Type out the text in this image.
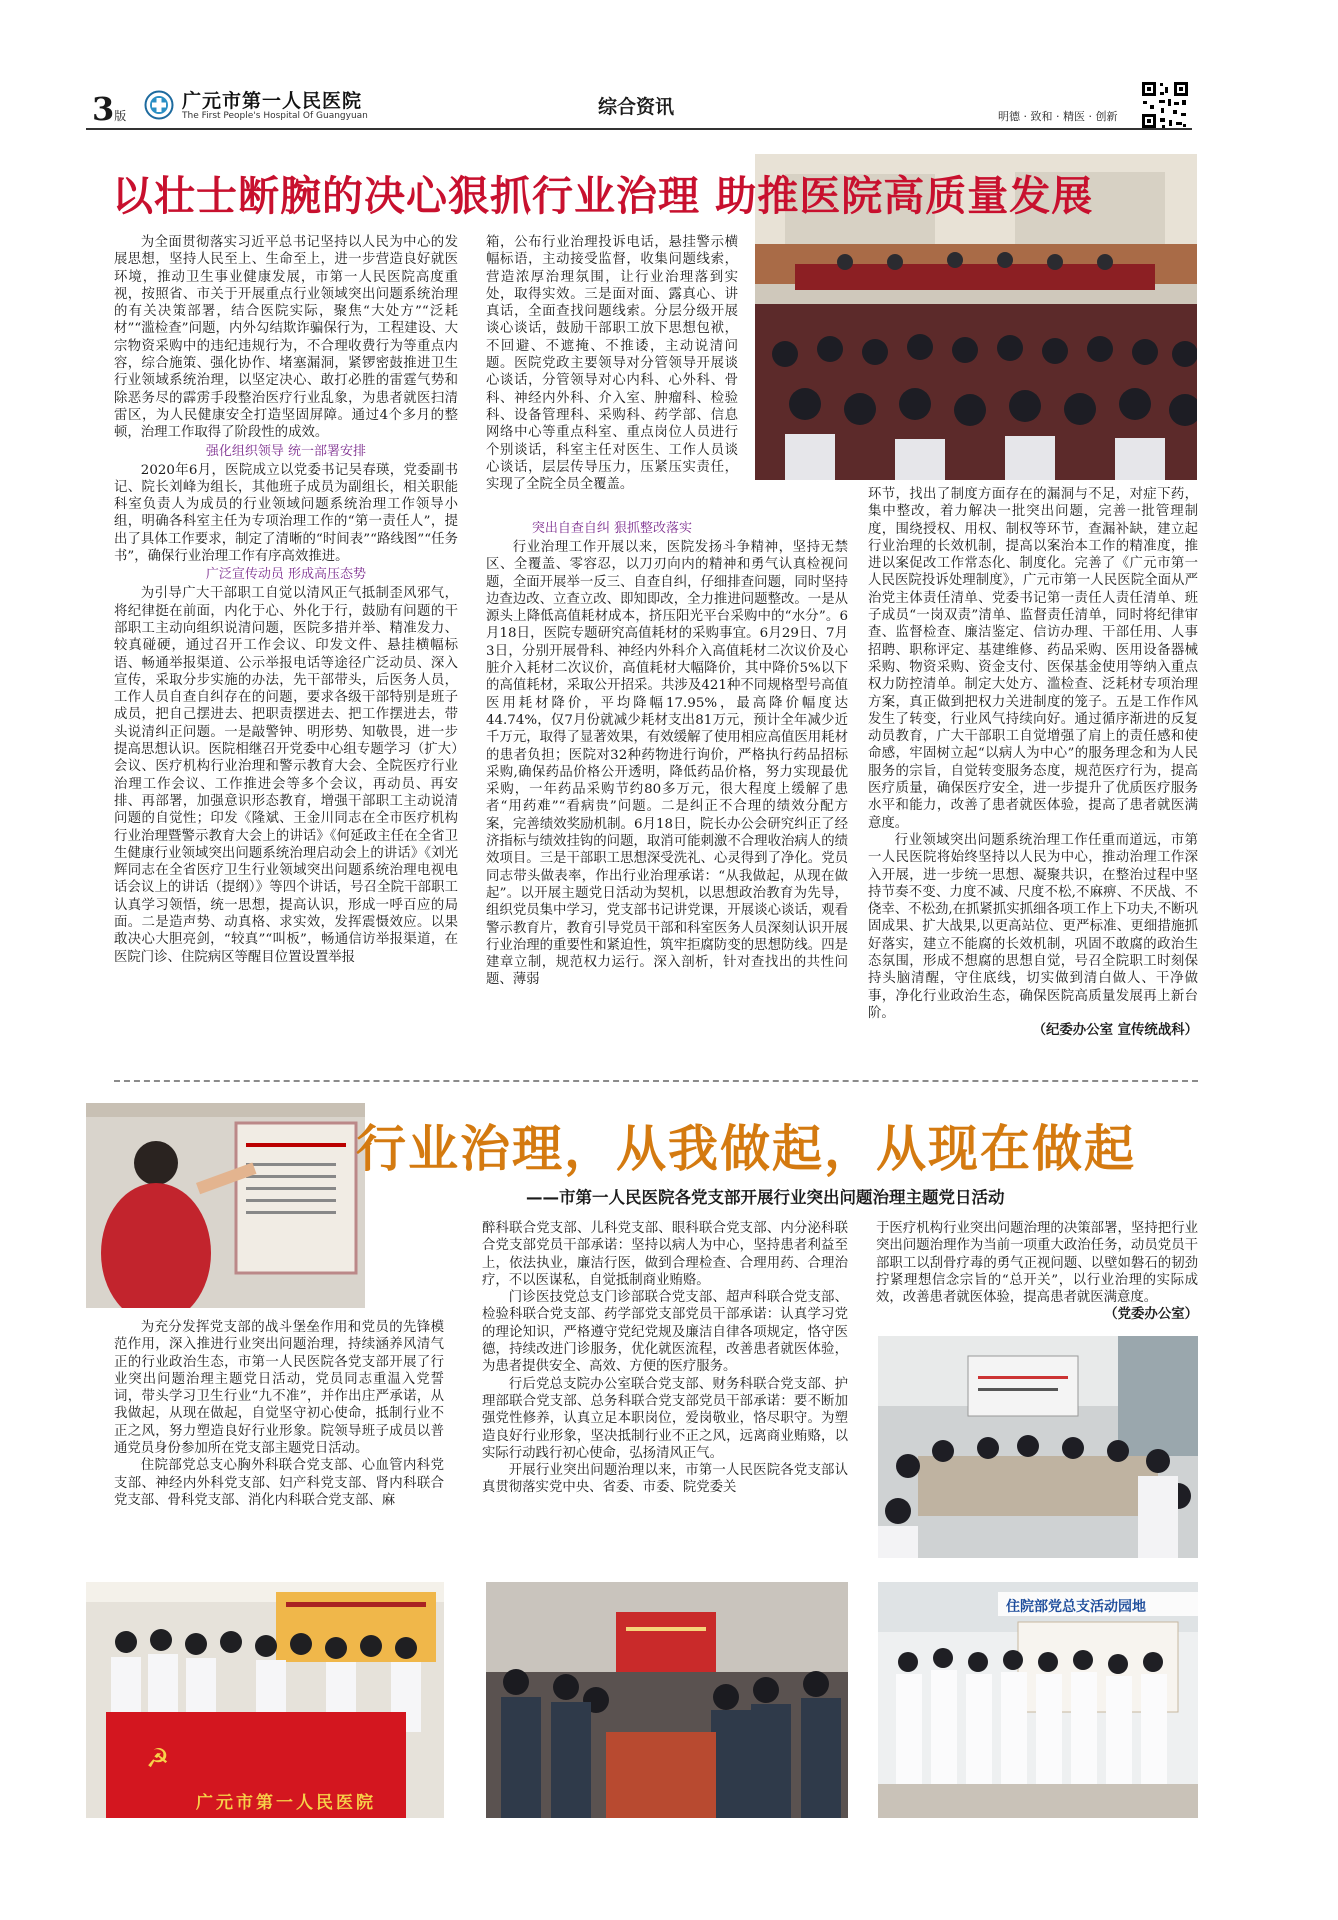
3版
广元市第一人民医院
The First People's Hospital Of Guangyuan	综合资讯	明德 · 致和 · 精医 · 创新
以壮士断腕的决心狠抓行业治理 助推医院高质量发展

为全面贯彻落实习近平总书记坚持以人民为中心的发展思想，坚持人民至上、生命至上，进一步营造良好就医环境，推动卫生事业健康发展，市第一人民医院高度重视，按照省、市关于开展重点行业领域突出问题系统治理的有关决策部署，结合医院实际，聚焦“大处方”“泛耗材”“滥检查”问题，内外勾结欺诈骗保行为，工程建设、大宗物资采购中的违纪违规行为，不合理收费行为等重点内容，综合施策、强化协作、堵塞漏洞，紧锣密鼓推进卫生行业领域系统治理，以坚定决心、敢打必胜的雷霆气势和除恶务尽的霹雳手段整治医疗行业乱象，为患者就医扫清雷区，为人民健康安全打造坚固屏障。通过4个多月的整顿，治理工作取得了阶段性的成效。

强化组织领导 统一部署安排

2020年6月，医院成立以党委书记吴春瑛，党委副书记、院长刘峰为组长，其他班子成员为副组长，相关职能科室负责人为成员的行业领域问题系统治理工作领导小组，明确各科室主任为专项治理工作的“第一责任人”，提出了具体工作要求，制定了清晰的“时间表”“路线图”“任务书”，确保行业治理工作有序高效推进。

广泛宣传动员 形成高压态势

为引导广大干部职工自觉以清风正气抵制歪风邪气，将纪律挺在前面，内化于心、外化于行，鼓励有问题的干部职工主动向组织说清问题，医院多措并举、精准发力、较真碰硬，通过召开工作会议、印发文件、悬挂横幅标语、畅通举报渠道、公示举报电话等途径广泛动员、深入宣传，采取分步实施的办法，先干部带头，后医务人员，工作人员自查自纠存在的问题，要求各级干部特别是班子成员，把自己摆进去、把职责摆进去、把工作摆进去，带头说清纠正问题。一是敲警钟、明形势、知敬畏，进一步提高思想认识。医院相继召开党委中心组专题学习（扩大）会议、医疗机构行业治理和警示教育大会、全院医疗行业治理工作会议、工作推进会等多个会议，再动员、再安排、再部署，加强意识形态教育，增强干部职工主动说清问题的自觉性；印发《隆斌、王金川同志在全市医疗机构行业治理暨警示教育大会上的讲话》《何延政主任在全省卫生健康行业领域突出问题系统治理启动会上的讲话》《刘光辉同志在全省医疗卫生行业领域突出问题系统治理电视电话会议上的讲话（提纲）》等四个讲话，号召全院干部职工认真学习领悟，统一思想，提高认识，形成一呼百应的局面。二是造声势、动真格、求实效，发挥震慑效应。以果敢决心大胆亮剑，“较真”“叫板”，畅通信访举报渠道，在医院门诊、住院病区等醒目位置设置举报

箱，公布行业治理投诉电话，悬挂警示横幅标语，主动接受监督，收集问题线索，营造浓厚治理氛围，让行业治理落到实处，取得实效。三是面对面、露真心、讲真话，全面查找问题线索。分层分级开展谈心谈话，鼓励干部职工放下思想包袱，不回避、不遮掩、不推诿，主动说清问题。医院党政主要领导对分管领导开展谈心谈话，分管领导对心内科、心外科、骨科、神经内外科、介入室、肿瘤科、检验科、设备管理科、采购科、药学部、信息网络中心等重点科室、重点岗位人员进行个别谈话，科室主任对医生、工作人员谈心谈话，层层传导压力，压紧压实责任，实现了全院全员全覆盖。

突出自查自纠 狠抓整改落实

行业治理工作开展以来，医院发扬斗争精神，坚持无禁区、全覆盖、零容忍，以刀刃向内的精神和勇气认真检视问题，全面开展举一反三、自查自纠，仔细排查问题，同时坚持边查边改、立查立改、即知即改，全力推进问题整改。一是从源头上降低高值耗材成本，挤压阳光平台采购中的“水分”。6月18日，医院专题研究高值耗材的采购事宜。6月29日、7月3日，分别开展骨科、神经内外科介入高值耗材二次议价及心脏介入耗材二次议价，高值耗材大幅降价，其中降价5%以下的高值耗材，采取公开招采。共涉及421种不同规格型号高值医用耗材降价，平均降幅17.95%，最高降价幅度达44.74%，仅7月份就减少耗材支出81万元，预计全年减少近千万元，取得了显著效果，有效缓解了使用相应高值医用耗材的患者负担；医院对32种药物进行询价，严格执行药品招标采购,确保药品价格公开透明，降低药品价格，努力实现最优采购，一年药品采购节约80多万元，很大程度上缓解了患者“用药难”“看病贵”问题。二是纠正不合理的绩效分配方案，完善绩效奖励机制。6月18日，院长办公会研究纠正了经济指标与绩效挂钩的问题，取消可能刺激不合理收治病人的绩效项目。三是干部职工思想深受洗礼、心灵得到了净化。党员同志带头做表率，作出行业治理承诺：“从我做起，从现在做起”。以开展主题党日活动为契机，以思想政治教育为先导，组织党员集中学习，党支部书记讲党课，开展谈心谈话，观看警示教育片，教育引导党员干部和科室医务人员深刻认识开展行业治理的重要性和紧迫性，筑牢拒腐防变的思想防线。四是建章立制，规范权力运行。深入剖析，针对查找出的共性问题、薄弱

环节，找出了制度方面存在的漏洞与不足，对症下药，集中整改，着力解决一批突出问题，完善一批管理制度，围绕授权、用权、制权等环节，查漏补缺，建立起行业治理的长效机制，提高以案治本工作的精准度，推进以案促改工作常态化、制度化。完善了《广元市第一人民医院投诉处理制度》，广元市第一人民医院全面从严治党主体责任清单、党委书记第一责任人责任清单、班子成员“一岗双责”清单、监督责任清单，同时将纪律审查、监督检查、廉洁鉴定、信访办理、干部任用、人事招聘、职称评定、基建维修、药品采购、医用设备器械采购、物资采购、资金支付、医保基金使用等纳入重点权力防控清单。制定大处方、滥检查、泛耗材专项治理方案，真正做到把权力关进制度的笼子。五是工作作风发生了转变，行业风气持续向好。通过循序渐进的反复动员教育，广大干部职工自觉增强了肩上的责任感和使命感，牢固树立起“以病人为中心”的服务理念和为人民服务的宗旨，自觉转变服务态度，规范医疗行为，提高医疗质量，确保医疗安全，进一步提升了优质医疗服务水平和能力，改善了患者就医体验，提高了患者就医满意度。

行业领域突出问题系统治理工作任重而道远，市第一人民医院将始终坚持以人民为中心，推动治理工作深入开展，进一步统一思想、凝聚共识，在整治过程中坚持节奏不变、力度不减、尺度不松,不麻痹、不厌战、不侥幸、不松劲,在抓紧抓实抓细各项工作上下功夫,不断巩固成果、扩大战果,以更高站位、更严标准、更细措施抓好落实，建立不能腐的长效机制，巩固不敢腐的政治生态氛围，形成不想腐的思想自觉，号召全院职工时刻保持头脑清醒，守住底线，切实做到清白做人、干净做事，净化行业政治生态，确保医院高质量发展再上新台阶。

（纪委办公室 宣传统战科）

行业治理，从我做起，从现在做起
——市第一人民医院各党支部开展行业突出问题治理主题党日活动

为充分发挥党支部的战斗堡垒作用和党员的先锋模范作用，深入推进行业突出问题治理，持续涵养风清气正的行业政治生态，市第一人民医院各党支部开展了行业突出问题治理主题党日活动，党员同志重温入党誓词，带头学习卫生行业“九不准”，并作出庄严承诺，从我做起，从现在做起，自觉坚守初心使命，抵制行业不正之风，努力塑造良好行业形象。院领导班子成员以普通党员身份参加所在党支部主题党日活动。

住院部党总支心胸外科联合党支部、心血管内科党支部、神经内外科党支部、妇产科党支部、肾内科联合党支部、骨科党支部、消化内科联合党支部、麻

醉科联合党支部、儿科党支部、眼科联合党支部、内分泌科联合党支部党员干部承诺：坚持以病人为中心，坚持患者利益至上，依法执业，廉洁行医，做到合理检查、合理用药、合理治疗，不以医谋私，自觉抵制商业贿赂。

门诊医技党总支门诊部联合党支部、超声科联合党支部、检验科联合党支部、药学部党支部党员干部承诺：认真学习党的理论知识，严格遵守党纪党规及廉洁自律各项规定，恪守医德，持续改进门诊服务，优化就医流程，改善患者就医体验，为患者提供安全、高效、方便的医疗服务。

行后党总支院办公室联合党支部、财务科联合党支部、护理部联合党支部、总务科联合党支部党员干部承诺：要不断加强党性修养，认真立足本职岗位，爱岗敬业，恪尽职守。为塑造良好行业形象，坚决抵制行业不正之风，远离商业贿赂，以实际行动践行初心使命，弘扬清风正气。

开展行业突出问题治理以来，市第一人民医院各党支部认真贯彻落实党中央、省委、市委、院党委关

于医疗机构行业突出问题治理的决策部署，坚持把行业突出问题治理作为当前一项重大政治任务，动员党员干部职工以刮骨疗毒的勇气正视问题、以壁如磐石的韧劲拧紧理想信念宗旨的“总开关”，以行业治理的实际成效，改善患者就医体验，提高患者就医满意度。

（党委办公室）

☭
广元市第一人民医院
住院部党总支活动园地
